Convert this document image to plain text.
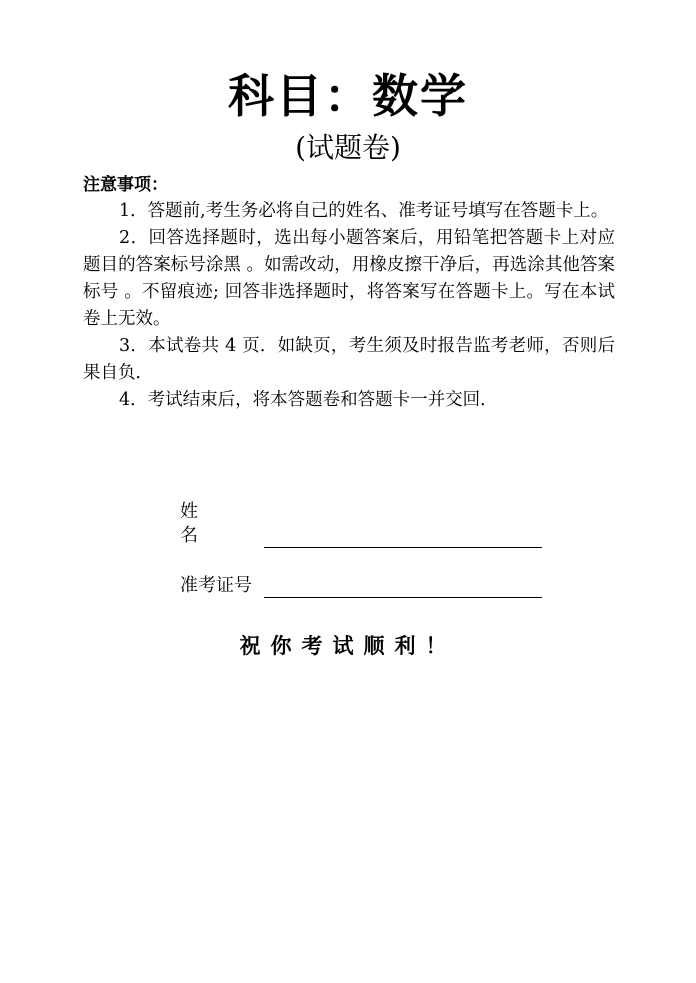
科目：数学
(试题卷)
注意事项：

1．答题前,考生务必将自己的姓名、准考证号填写在答题卡上。

2．回答选择题时，选出每小题答案后，用铅笔把答题卡上对应题目的答案标号涂黑 。如需改动，用橡皮擦干净后，再选涂其他答案标号 。不留痕迹; 回答非选择题时，将答案写在答题卡上。写在本试卷上无效。

3．本试卷共 4 页．如缺页，考生须及时报告监考老师，否则后果自负．

4．考试结束后，将本答题卷和答题卡一并交回．

姓名
准考证号
祝你考试顺利！
